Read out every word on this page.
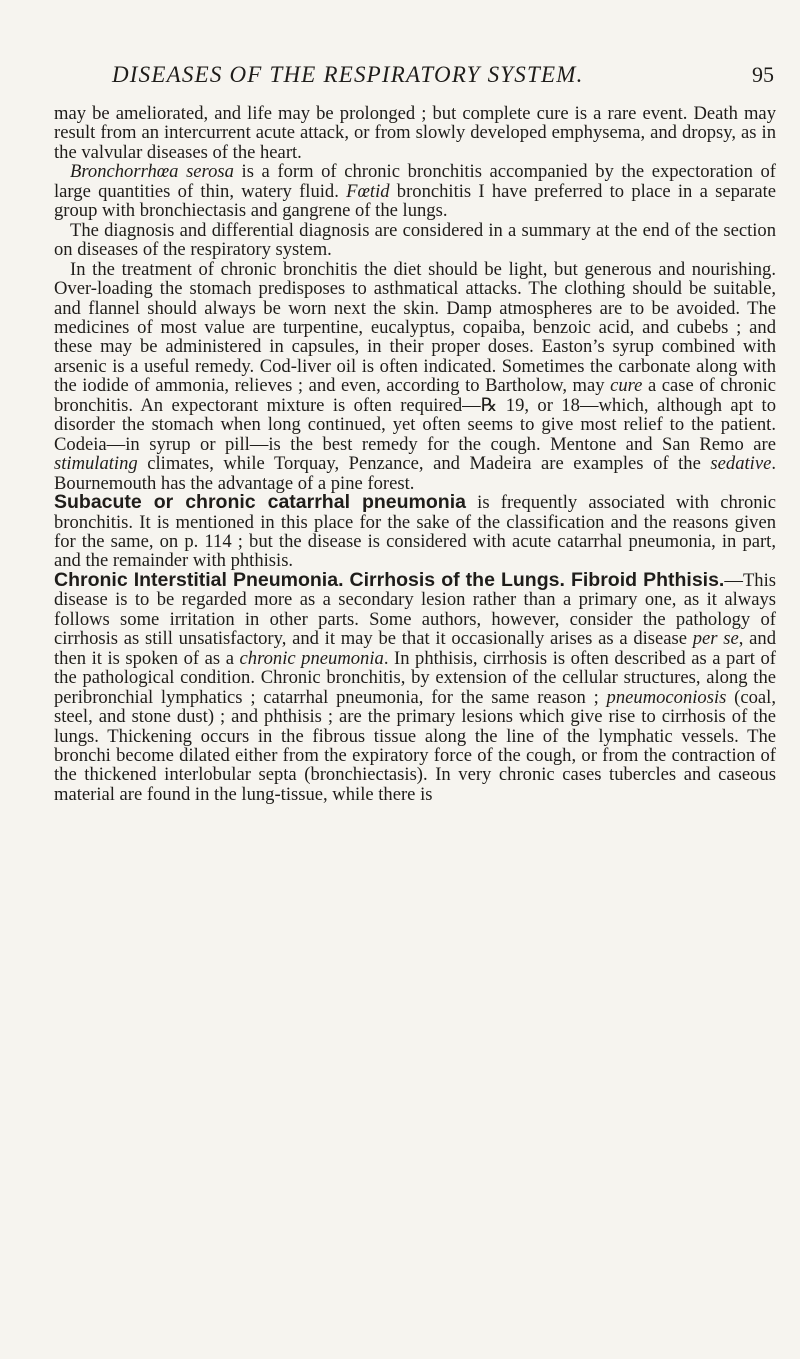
DISEASES OF THE RESPIRATORY SYSTEM.	95

may be ameliorated, and life may be prolonged ; but complete cure is a rare event. Death may result from an intercurrent acute attack, or from slowly developed emphysema, and dropsy, as in the valvular diseases of the heart.

Bronchorrhœa serosa is a form of chronic bronchitis accompanied by the expectoration of large quantities of thin, watery fluid. Fœtid bronchitis I have preferred to place in a separate group with bronchiectasis and gangrene of the lungs.

The diagnosis and differential diagnosis are considered in a summary at the end of the section on diseases of the respiratory system.

In the treatment of chronic bronchitis the diet should be light, but generous and nourishing. Over-loading the stomach predisposes to asthmatical attacks. The clothing should be suitable, and flannel should always be worn next the skin. Damp atmospheres are to be avoided. The medicines of most value are turpentine, eucalyptus, copaiba, benzoic acid, and cubebs ; and these may be administered in capsules, in their proper doses. Easton’s syrup combined with arsenic is a useful remedy. Cod-liver oil is often indicated. Sometimes the carbonate along with the iodide of ammonia, relieves ; and even, according to Bartholow, may cure a case of chronic bronchitis. An expectorant mixture is often required—℞ 19, or 18—which, although apt to disorder the stomach when long continued, yet often seems to give most relief to the patient. Codeia—in syrup or pill—is the best remedy for the cough. Mentone and San Remo are stimulating climates, while Torquay, Penzance, and Madeira are examples of the sedative. Bournemouth has the advantage of a pine forest.

Subacute or chronic catarrhal pneumonia is frequently associated with chronic bronchitis. It is mentioned in this place for the sake of the classification and the reasons given for the same, on p. 114 ; but the disease is considered with acute catarrhal pneumonia, in part, and the remainder with phthisis.

Chronic Interstitial Pneumonia. Cirrhosis of the Lungs. Fibroid Phthisis.—This disease is to be regarded more as a secondary lesion rather than a primary one, as it always follows some irritation in other parts. Some authors, however, consider the pathology of cirrhosis as still unsatisfactory, and it may be that it occasionally arises as a disease per se, and then it is spoken of as a chronic pneumonia. In phthisis, cirrhosis is often described as a part of the pathological condition. Chronic bronchitis, by extension of the cellular structures, along the peribronchial lymphatics ; catarrhal pneumonia, for the same reason ; pneumoconiosis (coal, steel, and stone dust) ; and phthisis ; are the primary lesions which give rise to cirrhosis of the lungs. Thickening occurs in the fibrous tissue along the line of the lymphatic vessels. The bronchi become dilated either from the expiratory force of the cough, or from the contraction of the thickened interlobular septa (bronchiectasis). In very chronic cases tubercles and caseous material are found in the lung-tissue, while there is
